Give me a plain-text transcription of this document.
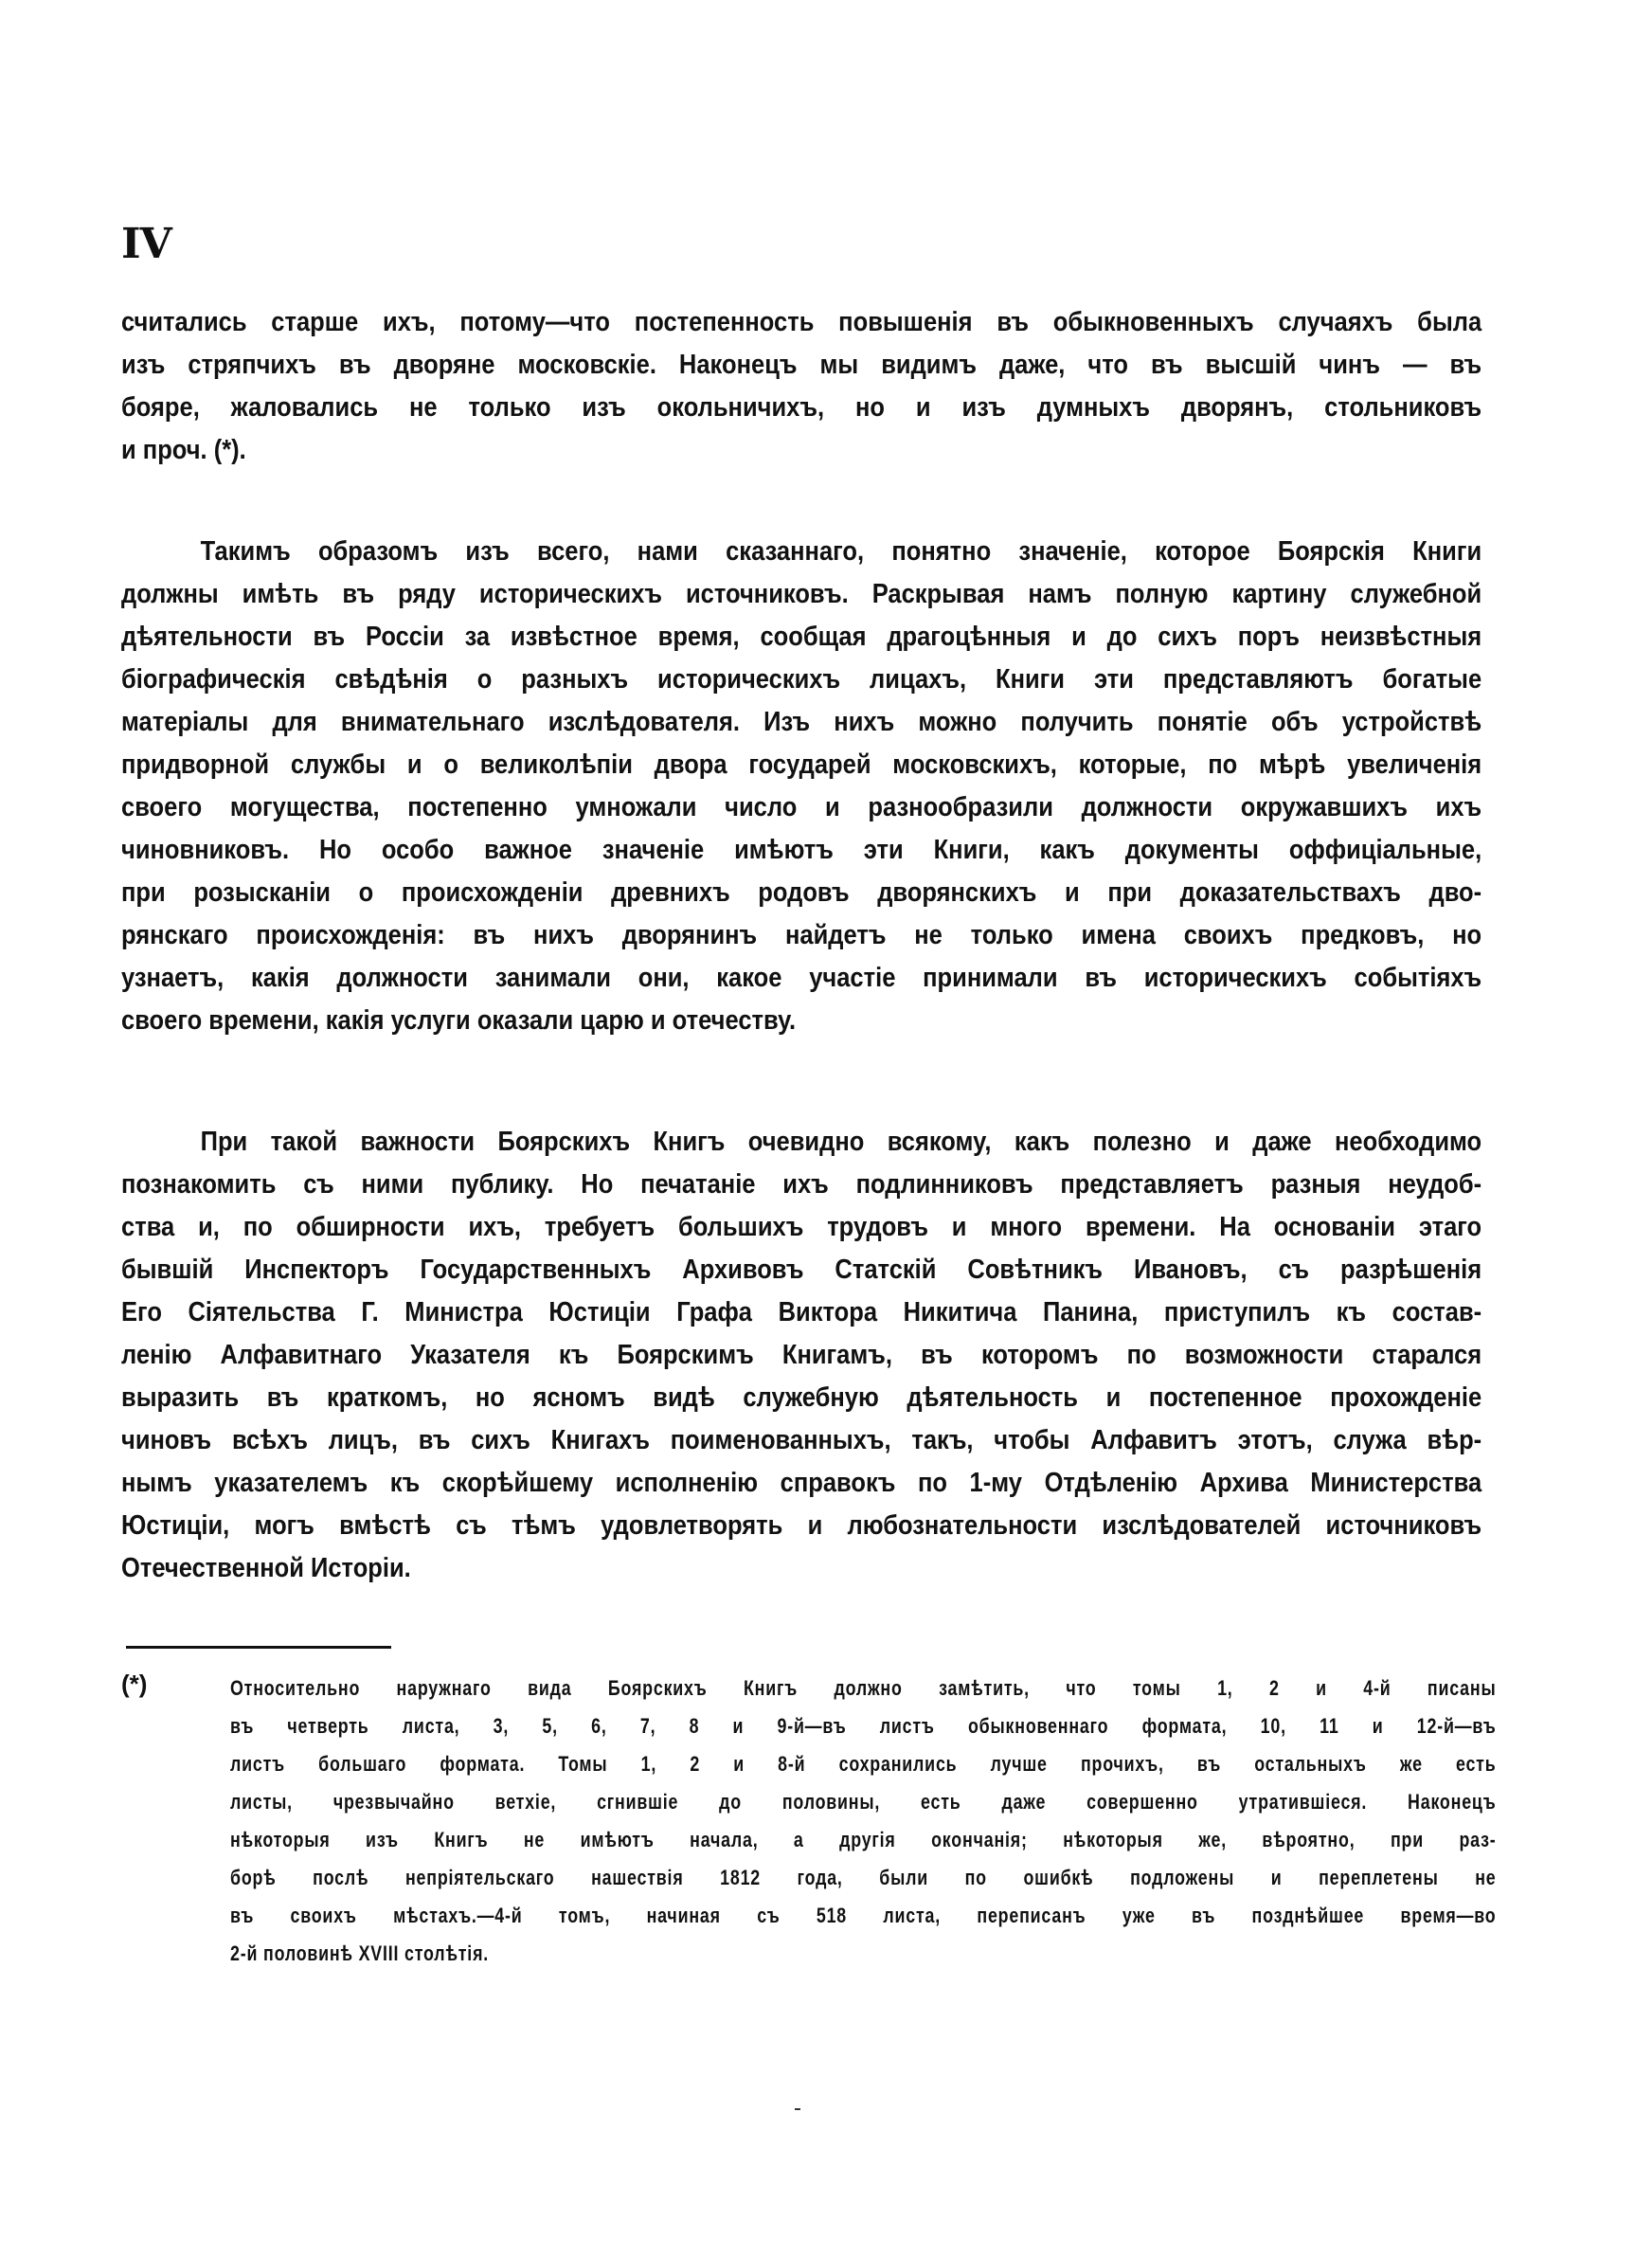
IV
считались старше ихъ, потому—что постепенность повышенія въ обыкновенныхъ случаяхъ была
изъ стряпчихъ въ дворяне московскіе. Наконецъ мы видимъ даже, что въ высшій чинъ — въ
бояре, жаловались не только изъ окольничихъ, но и изъ думныхъ дворянъ, стольниковъ
и проч. (*).
Такимъ образомъ изъ всего, нами сказаннаго, понятно значеніе, которое Боярскія Книги
должны имѣть въ ряду историческихъ источниковъ. Раскрывая намъ полную картину служебной
дѣятельности въ Россіи за извѣстное время, сообщая драгоцѣнныя и до сихъ поръ неизвѣстныя
біографическія свѣдѣнія о разныхъ историческихъ лицахъ, Книги эти представляютъ богатые
матеріалы для внимательнаго изслѣдователя. Изъ нихъ можно получить понятіе объ устройствѣ
придворной службы и о великолѣпіи двора государей московскихъ, которые, по мѣрѣ увеличенія
своего могущества, постепенно умножали число и разнообразили должности окружавшихъ ихъ
чиновниковъ. Но особо важное значеніе имѣютъ эти Книги, какъ документы оффиціальные,
при розысканіи о происхожденіи древнихъ родовъ дворянскихъ и при доказательствахъ дво-
рянскаго происхожденія: въ нихъ дворянинъ найдетъ не только имена своихъ предковъ, но
узнаетъ, какія должности занимали они, какое участіе принимали въ историческихъ событіяхъ
своего времени, какія услуги оказали царю и отечеству.
При такой важности Боярскихъ Книгъ очевидно всякому, какъ полезно и даже необходимо
познакомить съ ними публику. Но печатаніе ихъ подлинниковъ представляетъ разныя неудоб-
ства и, по обширности ихъ, требуетъ большихъ трудовъ и много времени. На основаніи этаго
бывшій Инспекторъ Государственныхъ Архивовъ Статскій Совѣтникъ Ивановъ, съ разрѣшенія
Его Сіятельства Г. Министра Юстиціи Графа Виктора Никитича Панина, приступилъ къ состав-
ленію Алфавитнаго Указателя къ Боярскимъ Книгамъ, въ которомъ по возможности старался
выразить въ краткомъ, но ясномъ видѣ служебную дѣятельность и постепенное прохожденіе
чиновъ всѣхъ лицъ, въ сихъ Книгахъ поименованныхъ, такъ, чтобы Алфавитъ этотъ, служа вѣр-
нымъ указателемъ къ скорѣйшему исполненію справокъ по 1-му Отдѣленію Архива Министерства
Юстиціи, могъ вмѣстѣ съ тѣмъ удовлетворять и любознательности изслѣдователей источниковъ
Отечественной Исторіи.
(*)	Относительно наружнаго вида Боярскихъ Книгъ должно замѣтить, что томы 1, 2 и 4-й писаны
въ четверть листа, 3, 5, 6, 7, 8 и 9-й—въ листъ обыкновеннаго формата, 10, 11 и 12-й—въ
листъ большаго формата. Томы 1, 2 и 8-й сохранились лучше прочихъ, въ остальныхъ же есть
листы, чрезвычайно ветхіе, сгнившіе до половины, есть даже совершенно утратившіеся. Наконецъ
нѣкоторыя изъ Книгъ не имѣютъ начала, а другія окончанія; нѣкоторыя же, вѣроятно, при раз-
борѣ послѣ непріятельскаго нашествія 1812 года, были по ошибкѣ подложены и переплетены не
въ своихъ мѣстахъ.—4-й томъ, начиная съ 518 листа, переписанъ уже въ позднѣйшее время—во
2-й половинѣ XVIII столѣтія.
